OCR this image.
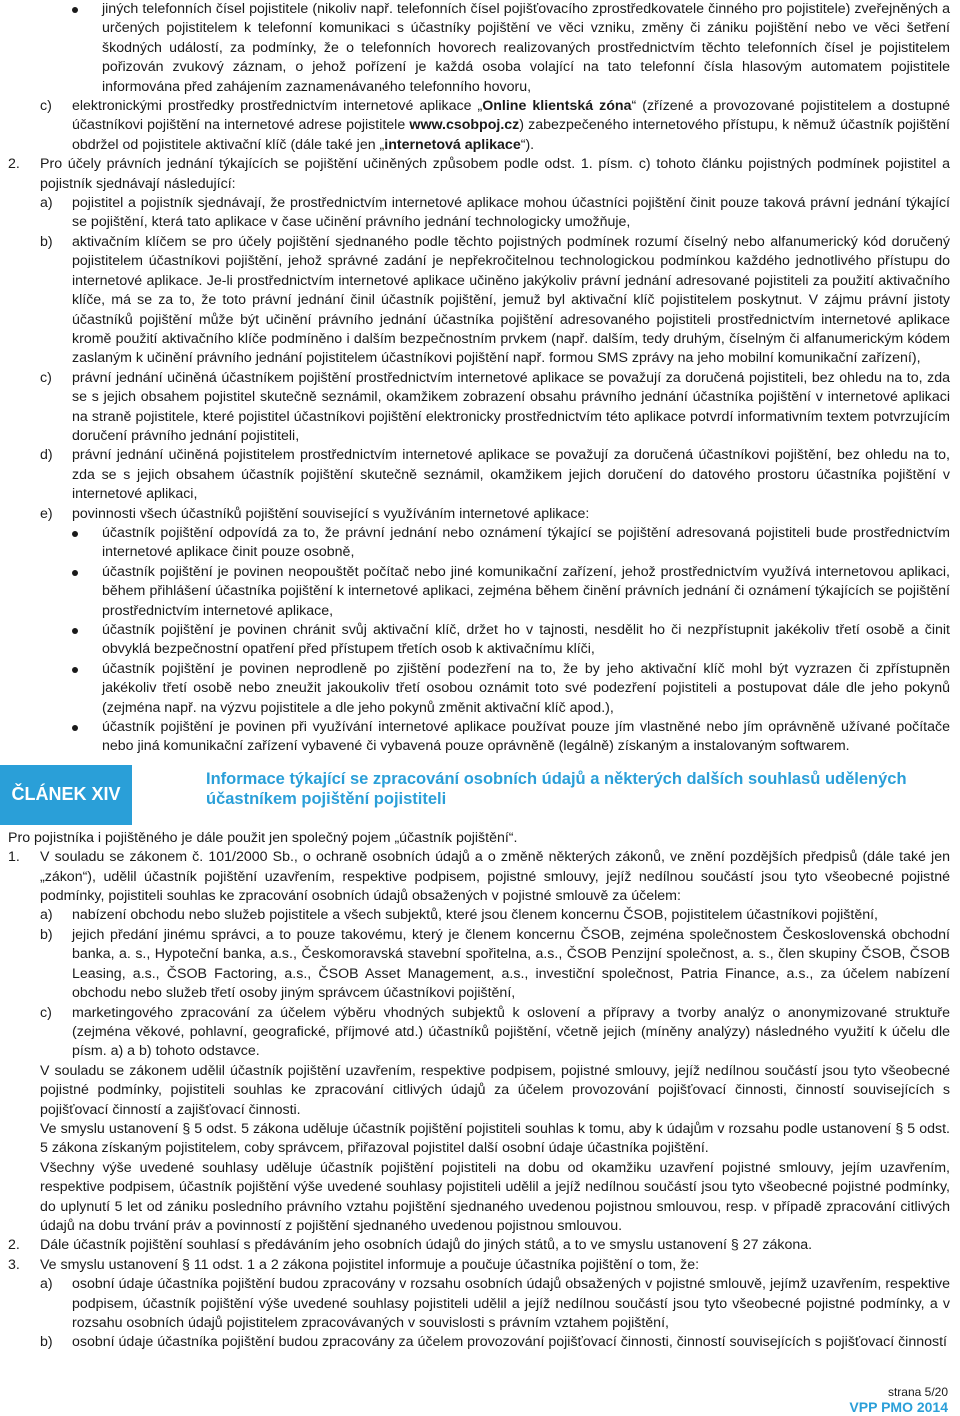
jiných telefonních čísel pojistitele (nikoliv např. telefonních čísel pojišťovacího zprostředkovatele činného pro pojistitele) zveřejněných a určených pojistitelem k telefonní komunikaci s účastníky pojištění ve věci vzniku, změny či zániku pojištění nebo ve věci šetření škodných událostí, za podmínky, že o telefonních hovorech realizovaných prostřednictvím těchto telefonních čísel je pojistitelem pořizován zvukový záznam, o jehož pořízení je každá osoba volající na tato telefonní čísla hlasovým automatem pojistitele informována před zahájením zaznamenávaného telefonního hovoru,
c)	elektronickými prostředky prostřednictvím internetové aplikace „Online klientská zóna“ (zřízené a provozované pojistitelem a dostupné účastníkovi pojištění na internetové adrese pojistitele www.csobpoj.cz) zabezpečeného internetového přístupu, k němuž účastník pojištění obdržel od pojistitele aktivační klíč (dále také jen „internetová aplikace“).
2.	Pro účely právních jednání týkajících se pojištění učiněných způsobem podle odst. 1. písm. c) tohoto článku pojistných podmínek pojistitel a pojistník sjednávají následující:
a)	pojistitel a pojistník sjednávají, že prostřednictvím internetové aplikace mohou účastníci pojištění činit pouze taková právní jednání týkající se pojištění, která tato aplikace v čase učinění právního jednání technologicky umožňuje,
b)	aktivačním klíčem se pro účely pojištění sjednaného podle těchto pojistných podmínek rozumí číselný nebo alfanumerický kód doručený pojistitelem účastníkovi pojištění, jehož správné zadání je nepřekročitelnou technologickou podmínkou každého jednotlivého přístupu do internetové aplikace. Je-li prostřednictvím internetové aplikace učiněno jakýkoliv právní jednání adresované pojistiteli za použití aktivačního klíče, má se za to, že toto právní jednání činil účastník pojištění, jemuž byl aktivační klíč pojistitelem poskytnut. V zájmu právní jistoty účastníků pojištění může být učinění právního jednání účastníka pojištění adresovaného pojistiteli prostřednictvím internetové aplikace kromě použití aktivačního klíče podmíněno i dalším bezpečnostním prvkem (např. dalším, tedy druhým, číselným či alfanumerickým kódem zaslaným k učinění právního jednání pojistitelem účastníkovi pojištění např. formou SMS zprávy na jeho mobilní komunikační zařízení),
c)	právní jednání učiněná účastníkem pojištění prostřednictvím internetové aplikace se považují za doručená pojistiteli, bez ohledu na to, zda se s jejich obsahem pojistitel skutečně seznámil, okamžikem zobrazení obsahu právního jednání účastníka pojištění v internetové aplikaci na straně pojistitele, které pojistitel účastníkovi pojištění elektronicky prostřednictvím této aplikace potvrdí informativním textem potvrzujícím doručení právního jednání pojistiteli,
d)	právní jednání učiněná pojistitelem prostřednictvím internetové aplikace se považují za doručená účastníkovi pojištění, bez ohledu na to, zda se s jejich obsahem účastník pojištění skutečně seznámil, okamžikem jejich doručení do datového prostoru účastníka pojištění v internetové aplikaci,
e)	povinnosti všech účastníků pojištění související s využíváním internetové aplikace:
účastník pojištění odpovídá za to, že právní jednání nebo oznámení týkající se pojištění adresovaná pojistiteli bude prostřednictvím internetové aplikace činit pouze osobně,
účastník pojištění je povinen neopouštět počítač nebo jiné komunikační zařízení, jehož prostřednictvím využívá internetovou aplikaci, během přihlášení účastníka pojištění k internetové aplikaci, zejména během činění právních jednání či oznámení týkajících se pojištění prostřednictvím internetové aplikace,
účastník pojištění je povinen chránit svůj aktivační klíč, držet ho v tajnosti, nesdělit ho či nezpřístupnit jakékoliv třetí osobě a činit obvyklá bezpečnostní opatření před přístupem třetích osob k aktivačnímu klíči,
účastník pojištění je povinen neprodleně po zjištění podezření na to, že by jeho aktivační klíč mohl být vyzrazen či zpřístupněn jakékoliv třetí osobě nebo zneužit jakoukoliv třetí osobou oznámit toto své podezření pojistiteli a postupovat dále dle jeho pokynů (zejména např. na výzvu pojistitele a dle jeho pokynů změnit aktivační klíč apod.),
účastník pojištění je povinen při využívání internetové aplikace používat pouze jím vlastněné nebo jím oprávněně užívané počítače nebo jiná komunikační zařízení vybavené či vybavená pouze oprávněně (legálně) získaným a instalovaným softwarem.
ČLÁNEK XIV
Informace týkající se zpracování osobních údajů a některých dalších souhlasů udělených účastníkem pojištění pojistiteli

Pro pojistníka i pojištěného je dále použit jen společný pojem „účastník pojištění“.

1.	V souladu se zákonem č. 101/2000 Sb., o ochraně osobních údajů a o změně některých zákonů, ve znění pozdějších předpisů (dále také jen „zákon“), udělil účastník pojištění uzavřením, respektive podpisem, pojistné smlouvy, jejíž nedílnou součástí jsou tyto všeobecné pojistné podmínky, pojistiteli souhlas ke zpracování osobních údajů obsažených v pojistné smlouvě za účelem:
a)	nabízení obchodu nebo služeb pojistitele a všech subjektů, které jsou členem koncernu ČSOB, pojistitelem účastníkovi pojištění,
b)	jejich předání jinému správci, a to pouze takovému, který je členem koncernu ČSOB, zejména společnostem Československá obchodní banka, a. s., Hypoteční banka, a.s., Českomoravská stavební spořitelna, a.s., ČSOB Penzijní společnost, a. s., člen skupiny ČSOB, ČSOB Leasing, a.s., ČSOB Factoring, a.s., ČSOB Asset Management, a.s., investiční společnost, Patria Finance, a.s., za účelem nabízení obchodu nebo služeb třetí osoby jiným správcem účastníkovi pojištění,
c)	marketingového zpracování za účelem výběru vhodných subjektů k oslovení a přípravy a tvorby analýz o anonymizované struktuře (zejména věkové, pohlavní, geografické, příjmové atd.) účastníků pojištění, včetně jejich (míněny analýzy) následného využití k účelu dle písm. a) a b) tohoto odstavce.

V souladu se zákonem udělil účastník pojištění uzavřením, respektive podpisem, pojistné smlouvy, jejíž nedílnou součástí jsou tyto všeobecné pojistné podmínky, pojistiteli souhlas ke zpracování citlivých údajů za účelem provozování pojišťovací činnosti, činností souvisejících s pojišťovací činností a zajišťovací činnosti.

Ve smyslu ustanovení § 5 odst. 5 zákona uděluje účastník pojištění pojistiteli souhlas k tomu, aby k údajům v rozsahu podle ustanovení § 5 odst. 5 zákona získaným pojistitelem, coby správcem, přiřazoval pojistitel další osobní údaje účastníka pojištění.

Všechny výše uvedené souhlasy uděluje účastník pojištění pojistiteli na dobu od okamžiku uzavření pojistné smlouvy, jejím uzavřením, respektive podpisem, účastník pojištění výše uvedené souhlasy pojistiteli udělil a jejíž nedílnou součástí jsou tyto všeobecné pojistné podmínky, do uplynutí 5 let od zániku posledního právního vztahu pojištění sjednaného uvedenou pojistnou smlouvou, resp. v případě zpracování citlivých údajů na dobu trvání práv a povinností z pojištění sjednaného uvedenou pojistnou smlouvou.

2.	Dále účastník pojištění souhlasí s předáváním jeho osobních údajů do jiných států, a to ve smyslu ustanovení § 27 zákona.
3.	Ve smyslu ustanovení § 11 odst. 1 a 2 zákona pojistitel informuje a poučuje účastníka pojištění o tom, že:
a)	osobní údaje účastníka pojištění budou zpracovány v rozsahu osobních údajů obsažených v pojistné smlouvě, jejímž uzavřením, respektive podpisem, účastník pojištění výše uvedené souhlasy pojistiteli udělil a jejíž nedílnou součástí jsou tyto všeobecné pojistné podmínky, a v rozsahu osobních údajů pojistitelem zpracovávaných v souvislosti s právním vztahem pojištění,
b)	osobní údaje účastníka pojištění budou zpracovány za účelem provozování pojišťovací činnosti, činností souvisejících s pojišťovací činností
strana 5/20
VPP PMO 2014
